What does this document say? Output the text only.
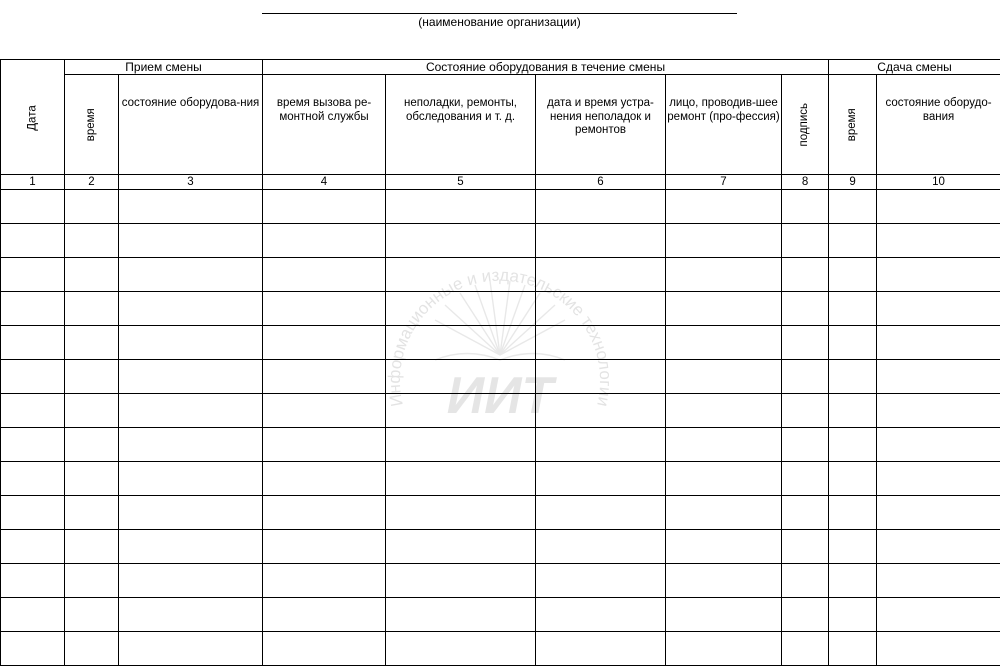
(наименование организации)
Информационные и издательские технологии
ИИТ
Дата	Прием смены		Состояние оборудования в течение смены					Сдача смены	
	время	состояние оборудова-ния	время вызова ре-монтной службы	неполадки, ремонты, обследования и т. д.	дата и время устра-нения неполадок и ремонтов	лицо, проводив-шее ремонт (про-фессия)	подпись	время	состояние оборудо-вания
1	2	3	4	5	6	7	8	9	10
